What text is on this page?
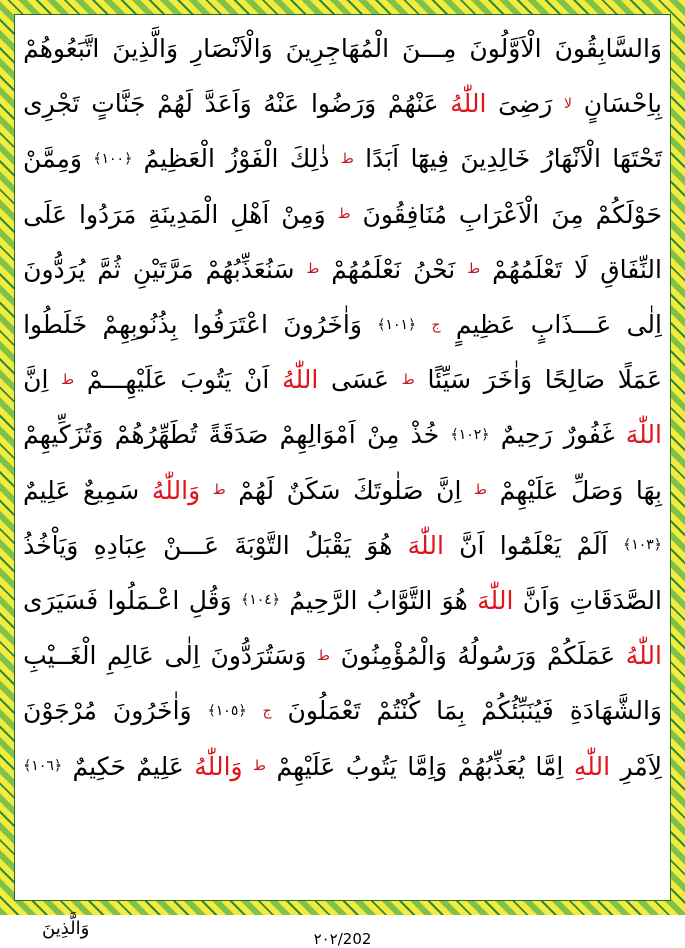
وَالسَّابِقُونَ
الْاَوَّلُونَ
مِـــنَ
الْمُهَاجِرِينَ
وَالْاَنْصَارِ
وَالَّذِينَ
اتَّبَعُوهُمْ
بِاِحْسَانٍ
لا
رَضِیَ
اللّٰهُ
عَنْهُمْ
وَرَضُوا
عَنْهُ
وَاَعَدَّ
لَهُمْ
جَنَّاتٍ
تَجْرِی
تَحْتَهَا
الْاَنْهَارُ
خَالِدِينَ
فِيهَٓا
اَبَدًا
ط
ذٰلِكَ
الْفَوْزُ
الْعَظِيمُ
﴿١٠٠﴾
وَمِمَّنْ
حَوْلَكُمْ
مِنَ
الْاَعْرَابِ
مُنَافِقُونَ
ط
وَمِنْ
اَهْلِ
الْمَدِينَةِ
مَرَدُوا
عَلَى
النِّفَاقِ
لَا
تَعْلَمُهُمْ
ط
نَحْنُ
نَعْلَمُهُمْ
ط
سَنُعَذِّبُهُمْ
مَرَّتَيْنِ
ثُمَّ
يُرَدُّونَ
اِلٰى
عَـــذَابٍ
عَظِيمٍ
ج
﴿١٠١﴾
وَاٰخَرُونَ
اعْتَرَفُوا
بِذُنُوبِهِمْ
خَلَطُوا
عَمَلًا
صَالِحًا
وَاٰخَرَ
سَيِّئًا
ط
عَسَى
اللّٰهُ
اَنْ
يَتُوبَ
عَلَيْهِـــمْ
ط
اِنَّ
اللّٰهَ
غَفُورٌ
رَحِيمٌ
﴿١٠٢﴾
خُذْ
مِنْ
اَمْوَالِهِمْ
صَدَقَةً
تُطَهِّرُهُمْ
وَتُزَكِّيهِمْ
بِهَا
وَصَلِّ
عَلَيْهِمْ
ط
اِنَّ
صَلٰوتَكَ
سَكَنٌ
لَهُمْ
ط
وَاللّٰهُ
سَمِيعٌ
عَلِيمٌ
﴿١٠٣﴾
اَلَمْ
يَعْلَمُٓوا
اَنَّ
اللّٰهَ
هُوَ
يَقْبَلُ
التَّوْبَةَ
عَـــنْ
عِبَادِهِ
وَيَاْخُذُ
الصَّدَقَاتِ
وَاَنَّ
اللّٰهَ
هُوَ
التَّوَّابُ
الرَّحِيمُ
﴿١٠٤﴾
وَقُلِ
اعْـمَلُوا
فَسَيَرَى
اللّٰهُ
عَمَلَكُمْ
وَرَسُولُهُ
وَالْمُؤْمِنُونَ
ط
وَسَتُرَدُّونَ
اِلٰى
عَالِمِ
الْغَــيْبِ
وَالشَّهَادَةِ
فَيُنَبِّئُكُمْ
بِمَا
كُنْتُمْ
تَعْمَلُونَ
ج
﴿١٠٥﴾
وَاٰخَرُونَ
مُرْجَوْنَ
لِاَمْرِ
اللّٰهِ
اِمَّا
يُعَذِّبُهُمْ
وَاِمَّا
يَتُوبُ
عَلَيْهِمْ
ط
وَاللّٰهُ
عَلِيمٌ
حَكِيمٌ
﴿١٠٦﴾
وَالَّذِينَ	٢٠٢/202
